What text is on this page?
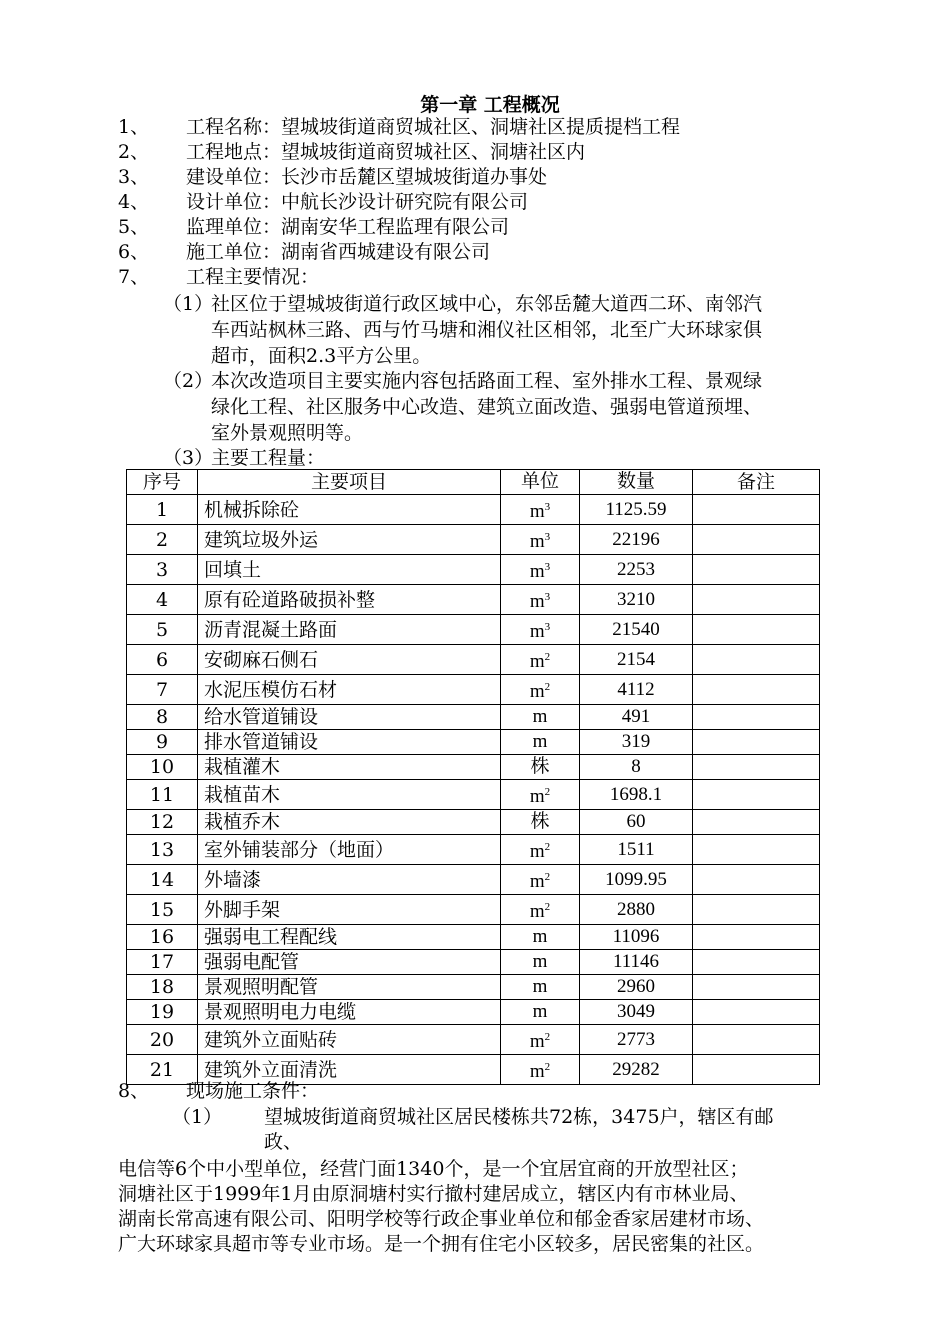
第一章 工程概况
1、 工程名称：望城坡街道商贸城社区、洞塘社区提质提档工程
2、 工程地点：望城坡街道商贸城社区、洞塘社区内
3、 建设单位：长沙市岳麓区望城坡街道办事处
4、 设计单位：中航长沙设计研究院有限公司
5、 监理单位：湖南安华工程监理有限公司
6、 施工单位：湖南省西城建设有限公司
7、 工程主要情况：
（1）
社区位于望城坡街道行政区域中心，东邻岳麓大道西二环、南邻汽
车西站枫林三路、西与竹马塘和湘仪社区相邻，北至广大环球家俱
超市，面积2.3平方公里。
（2）
本次改造项目主要实施内容包括路面工程、室外排水工程、景观绿
绿化工程、社区服务中心改造、建筑立面改造、强弱电管道预埋、
室外景观照明等。
（3）
主要工程量：
序号	主要项目	单位	数量	备注
1	机械拆除砼	$m^3$	1125.59	
2	建筑垃圾外运	$m^3$	22196	
3	回填土	$m^3$	2253	
4	原有砼道路破损补整	$m^3$	3210	
5	沥青混凝土路面	$m^3$	21540	
6	安砌麻石侧石	$m^2$	2154	
7	水泥压模仿石材	$m^2$	4112	
8	给水管道铺设	m	491	
9	排水管道铺设	m	319	
10	栽植灌木	株	8	
11	栽植苗木	$m^2$	1698.1	
12	栽植乔木	株	60	
13	室外铺装部分（地面）	$m^2$	1511	
14	外墙漆	$m^2$	1099.95	
15	外脚手架	$m^2$	2880	
16	强弱电工程配线	m	11096	
17	强弱电配管	m	11146	
18	景观照明配管	m	2960	
19	景观照明电力电缆	m	3049	
20	建筑外立面贴砖	$m^2$	2773	
21	建筑外立面清洗	$m^2$	29282	
8、 现场施工条件：
（1） 望城坡街道商贸城社区居民楼栋共72栋，3475户，辖区有邮
政、
电信等6个中小型单位，经营门面1340个，是一个宜居宜商的开放型社区；
洞塘社区于1999年1月由原洞塘村实行撤村建居成立，辖区内有市林业局、
湖南长常高速有限公司、阳明学校等行政企事业单位和郁金香家居建材市场、
广大环球家具超市等专业市场。是一个拥有住宅小区较多，居民密集的社区。
